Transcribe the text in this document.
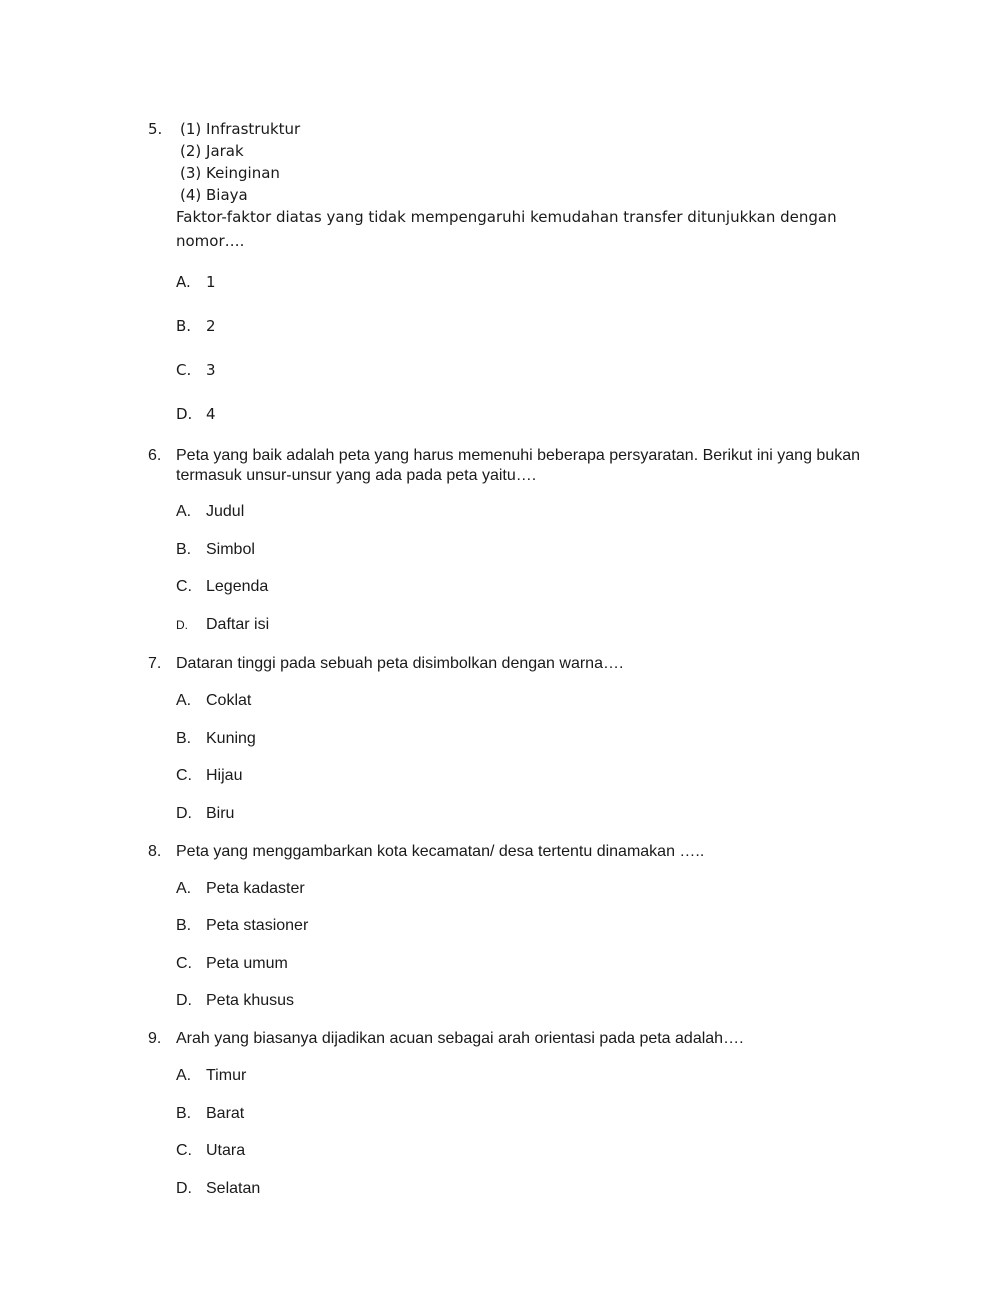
5. (1) Infrastruktur
(2) Jarak
(3) Keinginan
(4) Biaya
Faktor-faktor diatas yang tidak mempengaruhi kemudahan transfer ditunjukkan dengan
nomor….
A. 1
B. 2
C. 3
D. 4
6. Peta yang baik adalah peta yang harus memenuhi beberapa persyaratan. Berikut ini yang bukan
termasuk unsur-unsur yang ada pada peta yaitu….
A. Judul
B. Simbol
C. Legenda
D. Daftar isi
7. Dataran tinggi pada sebuah peta disimbolkan dengan warna….
A. Coklat
B. Kuning
C. Hijau
D. Biru
8. Peta yang menggambarkan kota kecamatan/ desa tertentu dinamakan …..
A. Peta kadaster
B. Peta stasioner
C. Peta umum
D. Peta khusus
9. Arah yang biasanya dijadikan acuan sebagai arah orientasi pada peta adalah….
A. Timur
B. Barat
C. Utara
D. Selatan
